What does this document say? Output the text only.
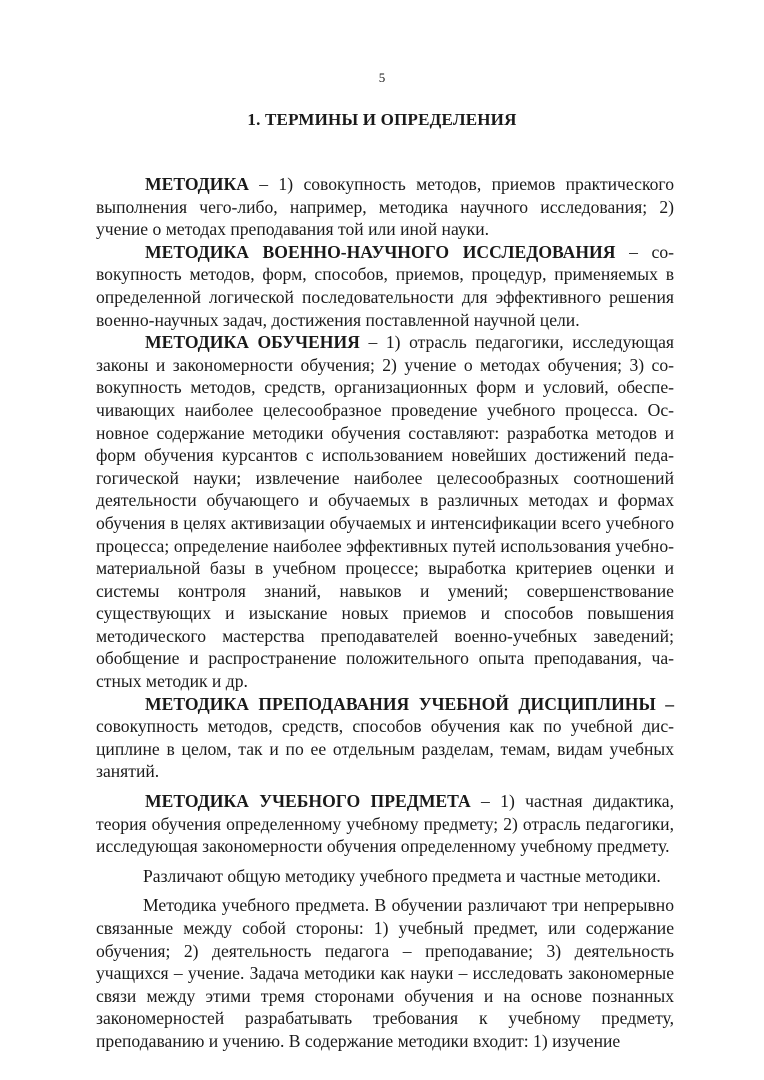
5
1. ТЕРМИНЫ И ОПРЕДЕЛЕНИЯ

МЕТОДИКА – 1) совокупность методов, приемов практического выполнения чего-либо, например, методика научного исследования; 2) учение о методах преподавания той или иной науки.

МЕТОДИКА ВОЕННО-НАУЧНОГО ИССЛЕДОВАНИЯ – совокупность методов, форм, способов, приемов, процедур, применяемых в определенной логической последовательности для эффективного решения военно-научных задач, достижения поставленной научной цели.

МЕТОДИКА ОБУЧЕНИЯ – 1) отрасль педагогики, исследующая законы и закономерности обучения; 2) учение о методах обучения; 3) совокупность методов, средств, организационных форм и условий, обеспечивающих наиболее целесообразное проведение учебного процесса. Основное содержание методики обучения составляют: разработка методов и форм обучения курсантов с использованием новейших достижений педагогической науки; извлечение наиболее целесообразных соотношений деятельности обучающего и обучаемых в различных методах и формах обучения в целях активизации обучаемых и интенсификации всего учебного процесса; определение наиболее эффективных путей использования учебно-материальной базы в учебном процессе; выработка критериев оценки и системы контроля знаний, навыков и умений; совершенствование существующих и изыскание новых приемов и способов повышения методического мастерства преподавателей военно-учебных заведений; обобщение и распространение положительного опыта преподавания, частных методик и др.

МЕТОДИКА ПРЕПОДАВАНИЯ УЧЕБНОЙ ДИСЦИПЛИНЫ – совокупность методов, средств, способов обучения как по учебной дисциплине в целом, так и по ее отдельным разделам, темам, видам учебных занятий.

МЕТОДИКА УЧЕБНОГО ПРЕДМЕТА – 1) частная дидактика, теория обучения определенному учебному предмету; 2) отрасль педагогики, исследующая закономерности обучения определенному учебному предмету.

Различают общую методику учебного предмета и частные методики.

Методика учебного предмета. В обучении различают три непрерывно связанные между собой стороны: 1) учебный предмет, или содержание обучения; 2) деятельность педагога – преподавание; 3) деятельность учащихся – учение. Задача методики как науки – исследовать закономерные связи между этими тремя сторонами обучения и на основе познанных закономерностей разрабатывать требования к учебному предмету, преподаванию и учению. В содержание методики входит: 1) изучение
